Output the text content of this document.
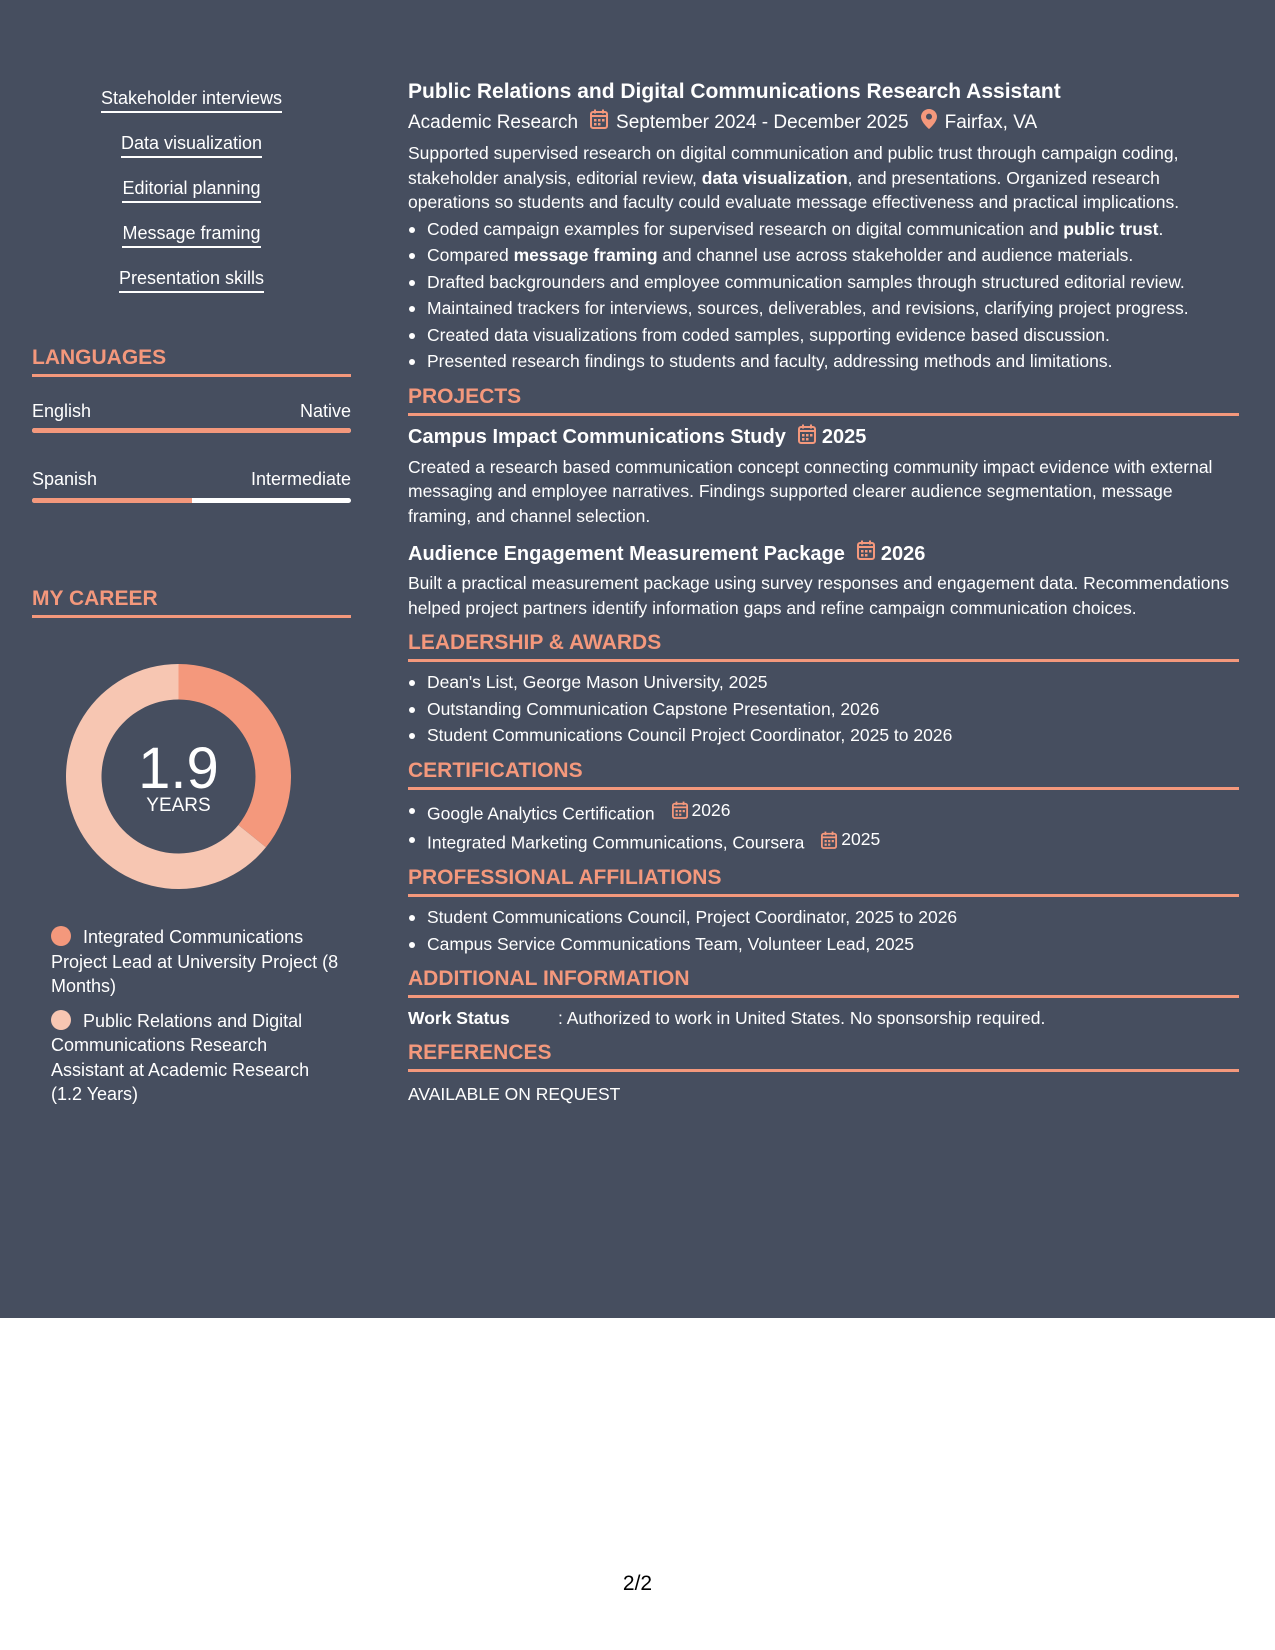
Stakeholder interviews
Data visualization
Editorial planning
Message framing
Presentation skills
LANGUAGES
English	Native
Spanish	Intermediate
MY CAREER
1.9
YEARS
Integrated Communications Project Lead at University Project (8 Months)
Public Relations and Digital Communications Research Assistant at Academic Research (1.2 Years)
Public Relations and Digital Communications Research Assistant
Academic Research September 2024 - December 2025 Fairfax, VA

Supported supervised research on digital communication and public trust through campaign coding, stakeholder analysis, editorial review, data visualization, and presentations. Organized research operations so students and faculty could evaluate message effectiveness and practical implications.

Coded campaign examples for supervised research on digital communication and public trust.
Compared message framing and channel use across stakeholder and audience materials.
Drafted backgrounders and employee communication samples through structured editorial review.
Maintained trackers for interviews, sources, deliverables, and revisions, clarifying project progress.
Created data visualizations from coded samples, supporting evidence based discussion.
Presented research findings to students and faculty, addressing methods and limitations.
PROJECTS
Campus Impact Communications Study 2025

Created a research based communication concept connecting community impact evidence with external messaging and employee narratives. Findings supported clearer audience segmentation, message framing, and channel selection.

Audience Engagement Measurement Package 2026

Built a practical measurement package using survey responses and engagement data. Recommendations helped project partners identify information gaps and refine campaign communication choices.

LEADERSHIP & AWARDS
Dean's List, George Mason University, 2025
Outstanding Communication Capstone Presentation, 2026
Student Communications Council Project Coordinator, 2025 to 2026
CERTIFICATIONS
Google Analytics Certification 2026
Integrated Marketing Communications, Coursera 2025
PROFESSIONAL AFFILIATIONS
Student Communications Council, Project Coordinator, 2025 to 2026
Campus Service Communications Team, Volunteer Lead, 2025
ADDITIONAL INFORMATION
Work Status	: Authorized to work in United States. No sponsorship required.
REFERENCES
AVAILABLE ON REQUEST
2/2
